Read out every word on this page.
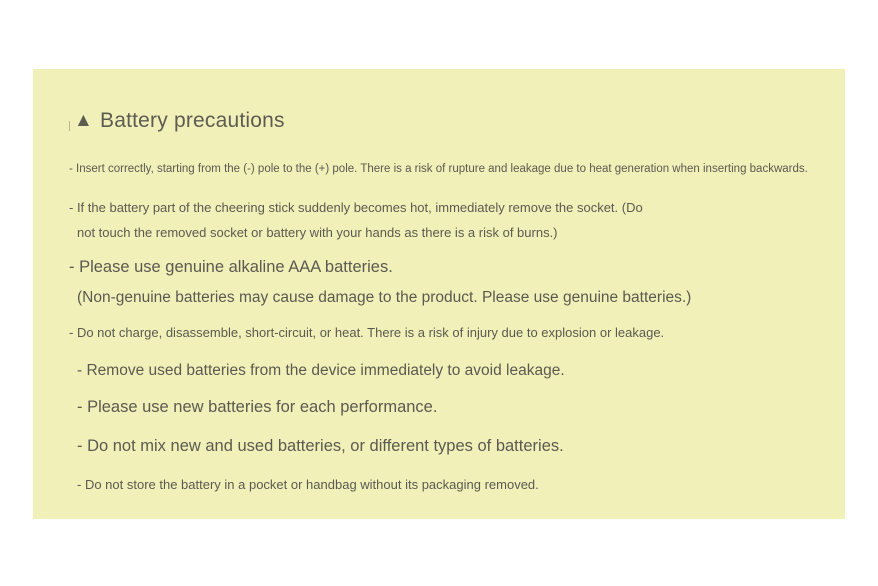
▲ Battery precautions
- Insert correctly, starting from the (-) pole to the (+) pole. There is a risk of rupture and leakage due to heat generation when inserting backwards.
- If the battery part of the cheering stick suddenly becomes hot, immediately remove the socket. (Do
not touch the removed socket or battery with your hands as there is a risk of burns.)
- Please use genuine alkaline AAA batteries.
(Non-genuine batteries may cause damage to the product. Please use genuine batteries.)
- Do not charge, disassemble, short-circuit, or heat. There is a risk of injury due to explosion or leakage.
- Remove used batteries from the device immediately to avoid leakage.
- Please use new batteries for each performance.
- Do not mix new and used batteries, or different types of batteries.
- Do not store the battery in a pocket or handbag without its packaging removed.
